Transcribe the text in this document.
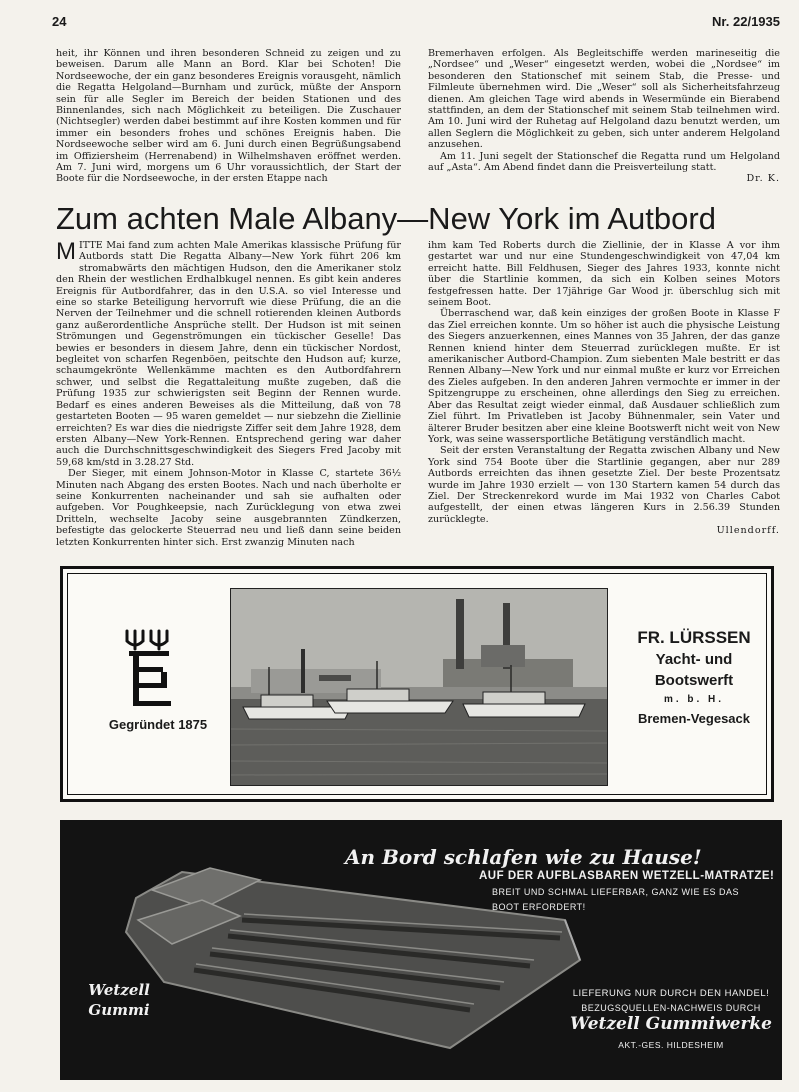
24	Nr. 22/1935

heit, ihr Können und ihren besonderen Schneid zu zeigen und zu beweisen. Darum alle Mann an Bord. Klar bei Schoten! Die Nordseewoche, der ein ganz besonderes Ereignis vorausgeht, nämlich die Regatta Helgoland—Burnham und zurück, müßte der Ansporn sein für alle Segler im Bereich der beiden Stationen und des Binnenlandes, sich nach Möglichkeit zu beteiligen. Die Zuschauer (Nichtsegler) werden dabei bestimmt auf ihre Kosten kommen und für immer ein besonders frohes und schönes Ereignis haben. Die Nordseewoche selber wird am 6. Juni durch einen Begrüßungsabend im Offiziersheim (Herrenabend) in Wilhelmshaven eröffnet werden. Am 7. Juni wird, morgens um 6 Uhr voraussichtlich, der Start der Boote für die Nordseewoche, in der ersten Etappe nach

Bremerhaven erfolgen. Als Begleitschiffe werden marineseitig die „Nordsee“ und „Weser“ eingesetzt werden, wobei die „Nordsee“ im besonderen den Stationschef mit seinem Stab, die Presse- und Filmleute übernehmen wird. Die „Weser“ soll als Sicherheitsfahrzeug dienen. Am gleichen Tage wird abends in Wesermünde ein Bierabend stattfinden, an dem der Stationschef mit seinem Stab teilnehmen wird. Am 10. Juni wird der Ruhetag auf Helgoland dazu benutzt werden, um allen Seglern die Möglichkeit zu geben, sich unter anderem Helgoland anzusehen.

Am 11. Juni segelt der Stationschef die Regatta rund um Helgoland auf „Asta“. Am Abend findet dann die Preisverteilung statt.

Dr. K.
Zum achten Male Albany—New York im Autbord

MITTE Mai fand zum achten Male Amerikas klassische Prüfung für Autbords statt Die Regatta Albany—New York führt 206 km stromabwärts den mächtigen Hudson, den die Amerikaner stolz den Rhein der westlichen Erdhalbkugel nennen. Es gibt kein anderes Ereignis für Autbordfahrer, das in den U.S.A. so viel Interesse und eine so starke Beteiligung hervorruft wie diese Prüfung, die an die Nerven der Teilnehmer und die schnell rotierenden kleinen Autbords ganz außerordentliche Ansprüche stellt. Der Hudson ist mit seinen Strömungen und Gegenströmungen ein tückischer Geselle! Das bewies er besonders in diesem Jahre, denn ein tückischer Nordost, begleitet von scharfen Regenböen, peitschte den Hudson auf; kurze, schaumgekrönte Wellenkämme machten es den Autbordfahrern schwer, und selbst die Regattaleitung mußte zugeben, daß die Prüfung 1935 zur schwierigsten seit Beginn der Rennen wurde. Bedarf es eines anderen Beweises als die Mitteilung, daß von 78 gestarteten Booten — 95 waren gemeldet — nur siebzehn die Ziellinie erreichten? Es war dies die niedrigste Ziffer seit dem Jahre 1928, dem ersten Albany—New York-Rennen. Entsprechend gering war daher auch die Durchschnittsgeschwindigkeit des Siegers Fred Jacoby mit 59,68 km/std in 3.28.27 Std.

Der Sieger, mit einem Johnson-Motor in Klasse C, startete 36½ Minuten nach Abgang des ersten Bootes. Nach und nach überholte er seine Konkurrenten nacheinander und sah sie aufhalten oder aufgeben. Vor Poughkeepsie, nach Zurücklegung von etwa zwei Dritteln, wechselte Jacoby seine ausgebrannten Zündkerzen, befestigte das gelockerte Steuerrad neu und ließ dann seine beiden letzten Konkurrenten hinter sich. Erst zwanzig Minuten nach

ihm kam Ted Roberts durch die Ziellinie, der in Klasse A vor ihm gestartet war und nur eine Stundengeschwindigkeit von 47,04 km erreicht hatte. Bill Feldhusen, Sieger des Jahres 1933, konnte nicht über die Startlinie kommen, da sich ein Kolben seines Motors festgefressen hatte. Der 17jährige Gar Wood jr. überschlug sich mit seinem Boot.

Überraschend war, daß kein einziges der großen Boote in Klasse F das Ziel erreichen konnte. Um so höher ist auch die physische Leistung des Siegers anzuerkennen, eines Mannes von 35 Jahren, der das ganze Rennen kniend hinter dem Steuerrad zurücklegen mußte. Er ist amerikanischer Autbord-Champion. Zum siebenten Male bestritt er das Rennen Albany—New York und nur einmal mußte er kurz vor Erreichen des Zieles aufgeben. In den anderen Jahren vermochte er immer in der Spitzengruppe zu erscheinen, ohne allerdings den Sieg zu erreichen. Aber das Resultat zeigt wieder einmal, daß Ausdauer schließlich zum Ziel führt. Im Privatleben ist Jacoby Bühnenmaler, sein Vater und älterer Bruder besitzen aber eine kleine Bootswerft nicht weit von New York, was seine wassersportliche Betätigung verständlich macht.

Seit der ersten Veranstaltung der Regatta zwischen Albany und New York sind 754 Boote über die Startlinie gegangen, aber nur 289 Autbords erreichten das ihnen gesetzte Ziel. Der beste Prozentsatz wurde im Jahre 1930 erzielt — von 130 Startern kamen 54 durch das Ziel. Der Streckenrekord wurde im Mai 1932 von Charles Cabot aufgestellt, der einen etwas längeren Kurs in 2.56.39 Stunden zurücklegte.

Ullendorff.
Gegründet 1875
FR. LÜRSSEN
Yacht- und
Bootswerft
m. b. H.
Bremen-Vegesack
An Bord schlafen wie zu Hause!
AUF DER AUFBLASBAREN WETZELL-MATRATZE!
BREIT UND SCHMAL LIEFERBAR, GANZ WIE ES DAS
BOOT ERFORDERT!
Wetzell
Gummi
LIEFERUNG NUR DURCH DEN HANDEL!
BEZUGSQUELLEN-NACHWEIS DURCH
Wetzell Gummiwerke
AKT.-GES. HILDESHEIM
